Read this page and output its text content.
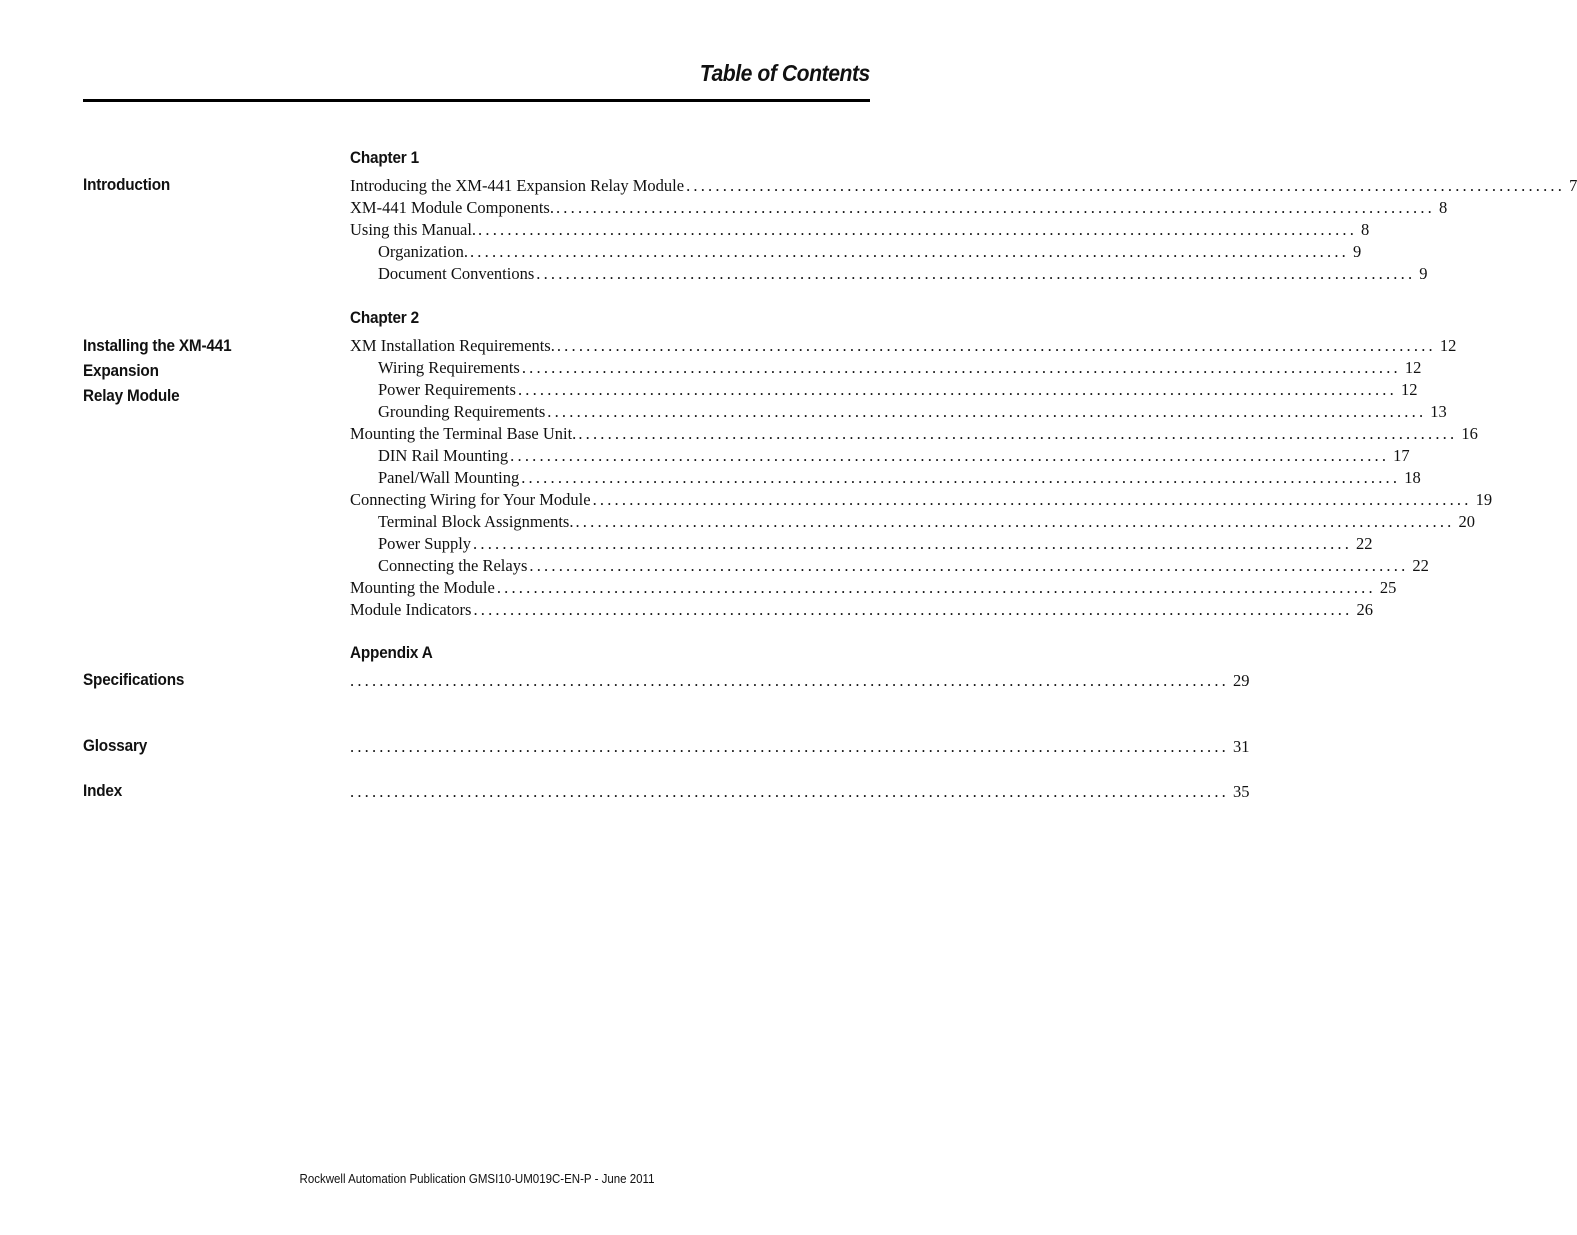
Table of Contents
Chapter 1
Introduction	Introducing the XM-441 Expansion Relay Module ........................................................................................................................ 7
XM-441 Module Components. ........................................................................................................................ 8
Using this Manual. ........................................................................................................................ 8
Organization. ........................................................................................................................ 9
Document Conventions ........................................................................................................................ 9
Chapter 2
Installing the XM-441 Expansion
Relay Module
XM Installation Requirements. ........................................................................................................................ 12
Wiring Requirements ........................................................................................................................ 12
Power Requirements ........................................................................................................................ 12
Grounding Requirements ........................................................................................................................ 13
Mounting the Terminal Base Unit. ........................................................................................................................ 16
DIN Rail Mounting ........................................................................................................................ 17
Panel/Wall Mounting ........................................................................................................................ 18
Connecting Wiring for Your Module ........................................................................................................................ 19
Terminal Block Assignments. ........................................................................................................................ 20
Power Supply ........................................................................................................................ 22
Connecting the Relays ........................................................................................................................ 22
Mounting the Module ........................................................................................................................ 25
Module Indicators ........................................................................................................................ 26
Appendix A
Specifications	........................................................................................................................ 29
Glossary	........................................................................................................................ 31
Index	........................................................................................................................ 35
Rockwell Automation Publication GMSI10-UM019C-EN-P - June 2011
